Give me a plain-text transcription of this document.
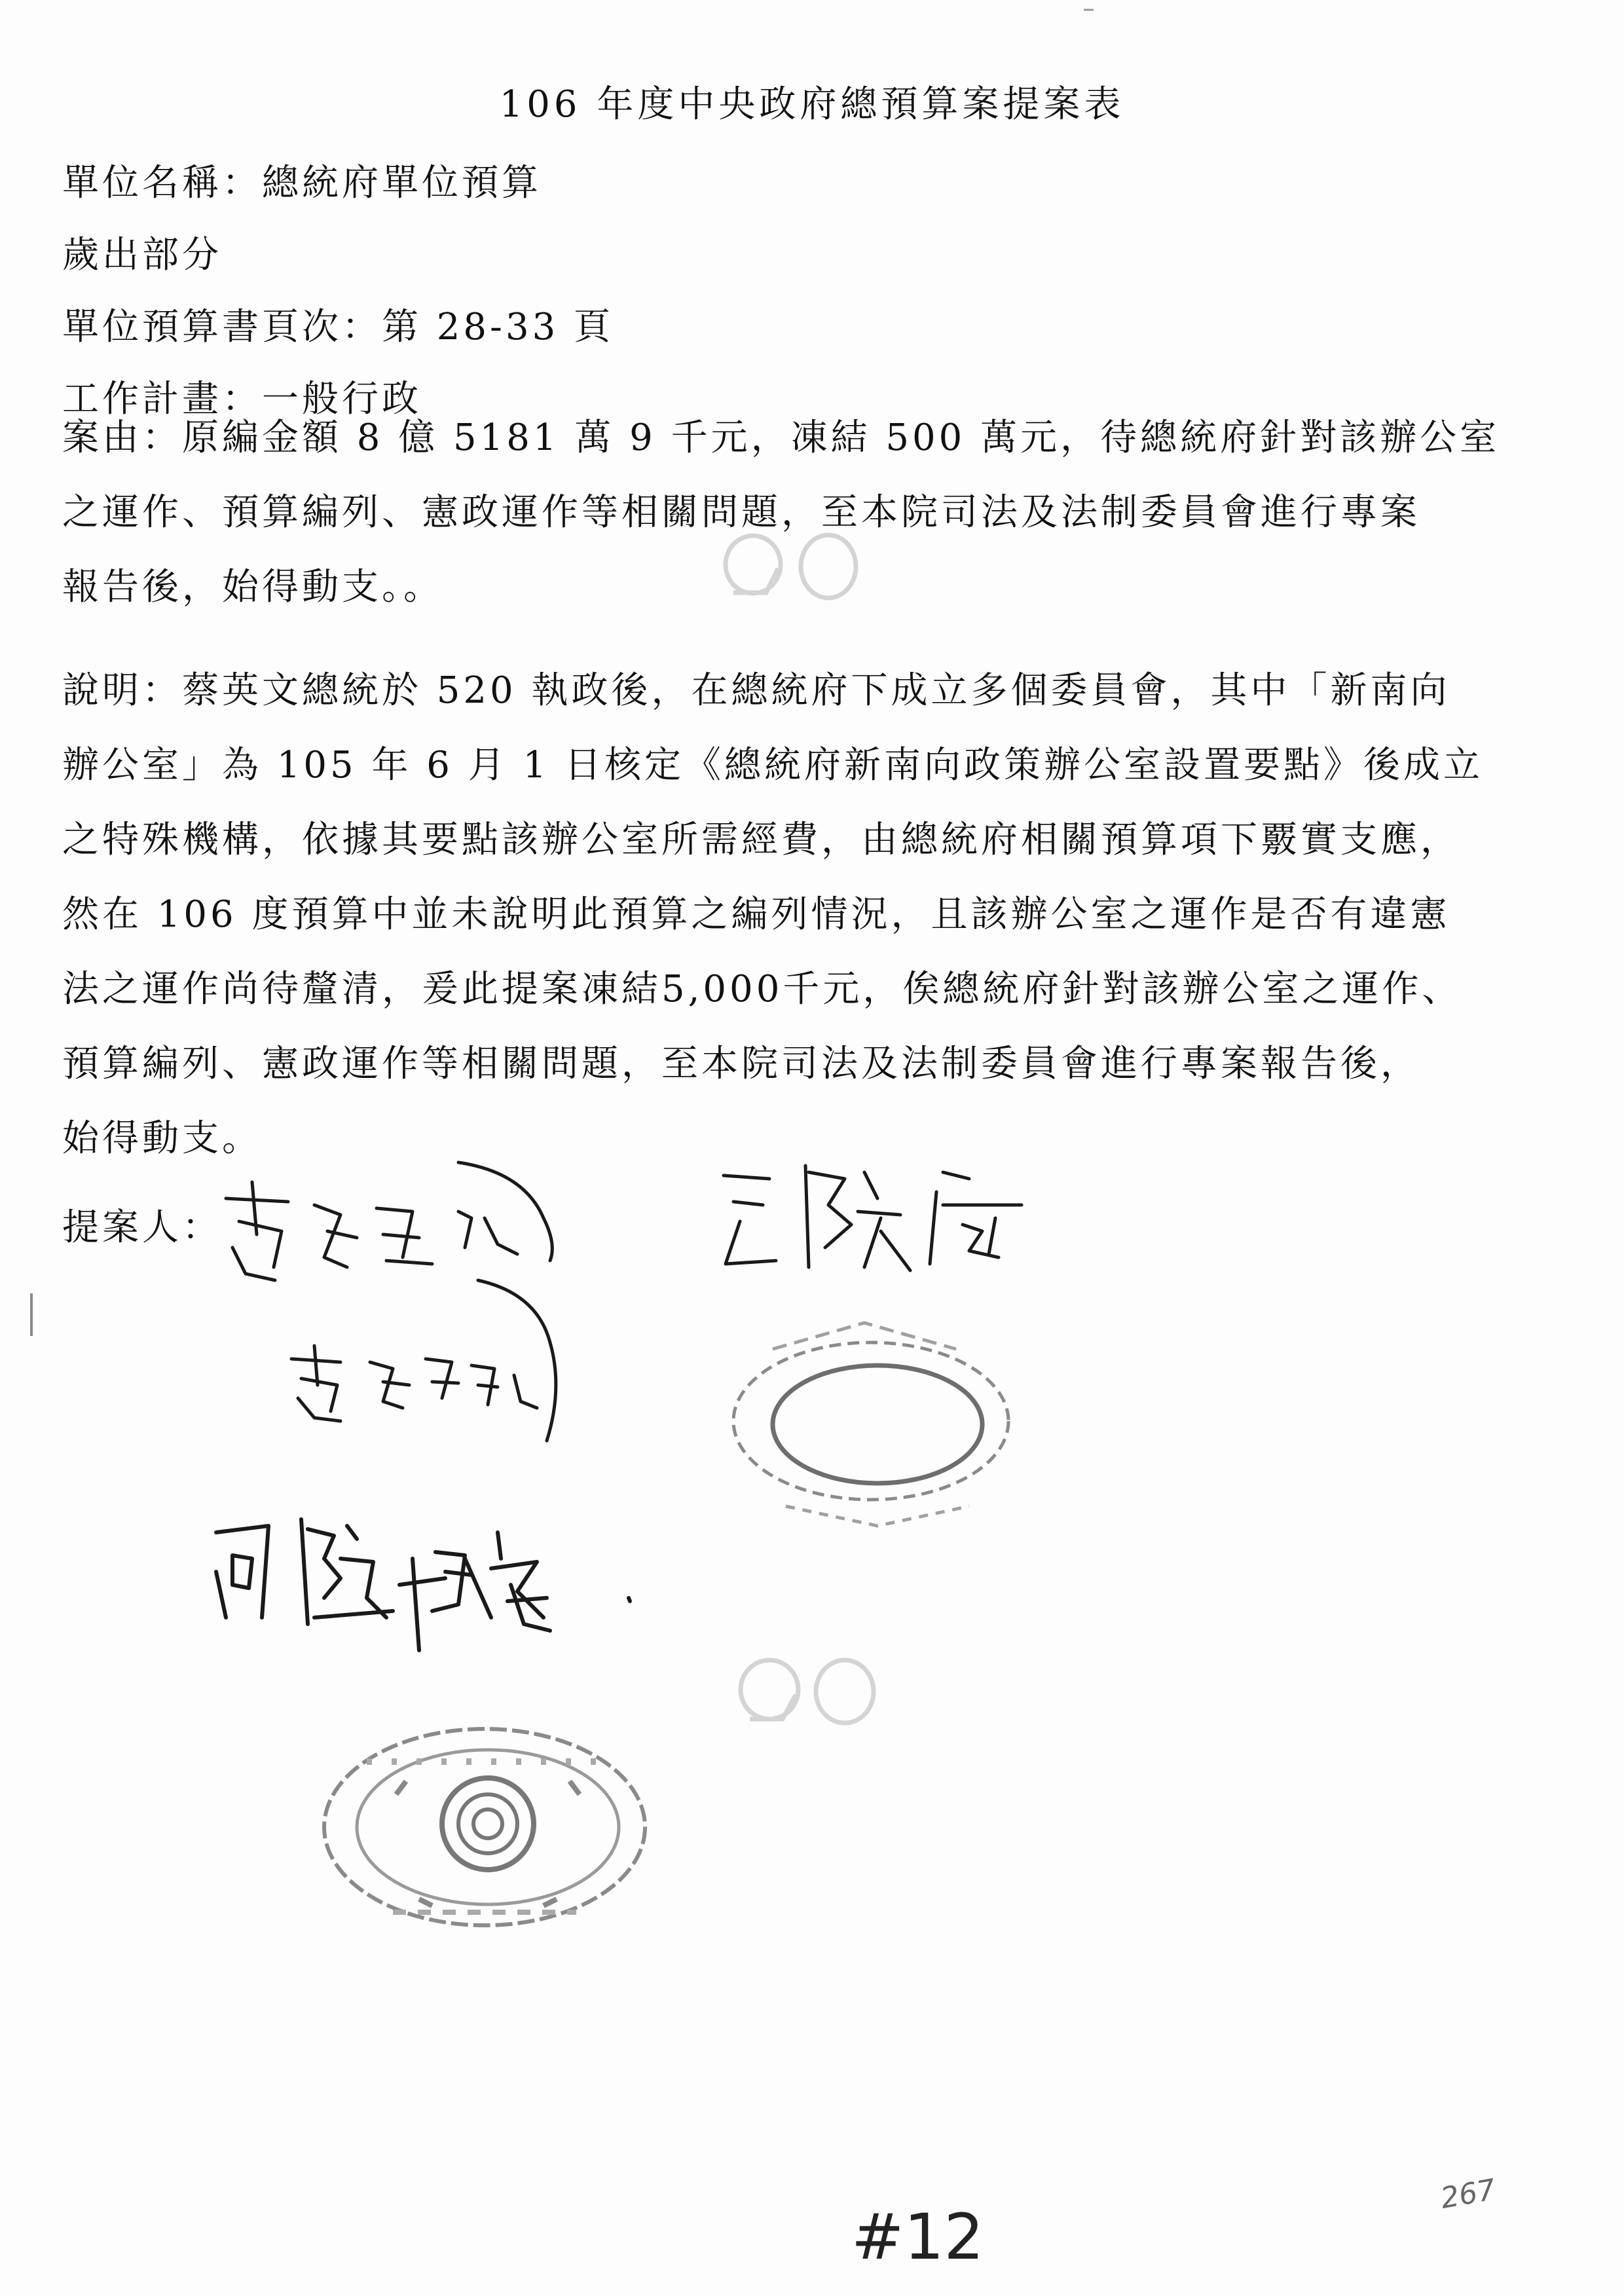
106 年度中央政府總預算案提案表
單位名稱：總統府單位預算
歲出部分
單位預算書頁次：第 28-33 頁
工作計畫：一般行政
案由：原編金額 8 億 5181 萬 9 千元，凍結 500 萬元，待總統府針對該辦公室
之運作、預算編列、憲政運作等相關問題，至本院司法及法制委員會進行專案
報告後，始得動支。。
說明：蔡英文總統於 520 執政後，在總統府下成立多個委員會，其中「新南向
辦公室」為 105 年 6 月 1 日核定《總統府新南向政策辦公室設置要點》後成立
之特殊機構，依據其要點該辦公室所需經費，由總統府相關預算項下覈實支應，
然在 106 度預算中並未說明此預算之編列情況，且該辦公室之運作是否有違憲
法之運作尚待釐清，爰此提案凍結5,000千元，俟總統府針對該辦公室之運作、
預算編列、憲政運作等相關問題，至本院司法及法制委員會進行專案報告後，
始得動支。
提案人：
#12
267
